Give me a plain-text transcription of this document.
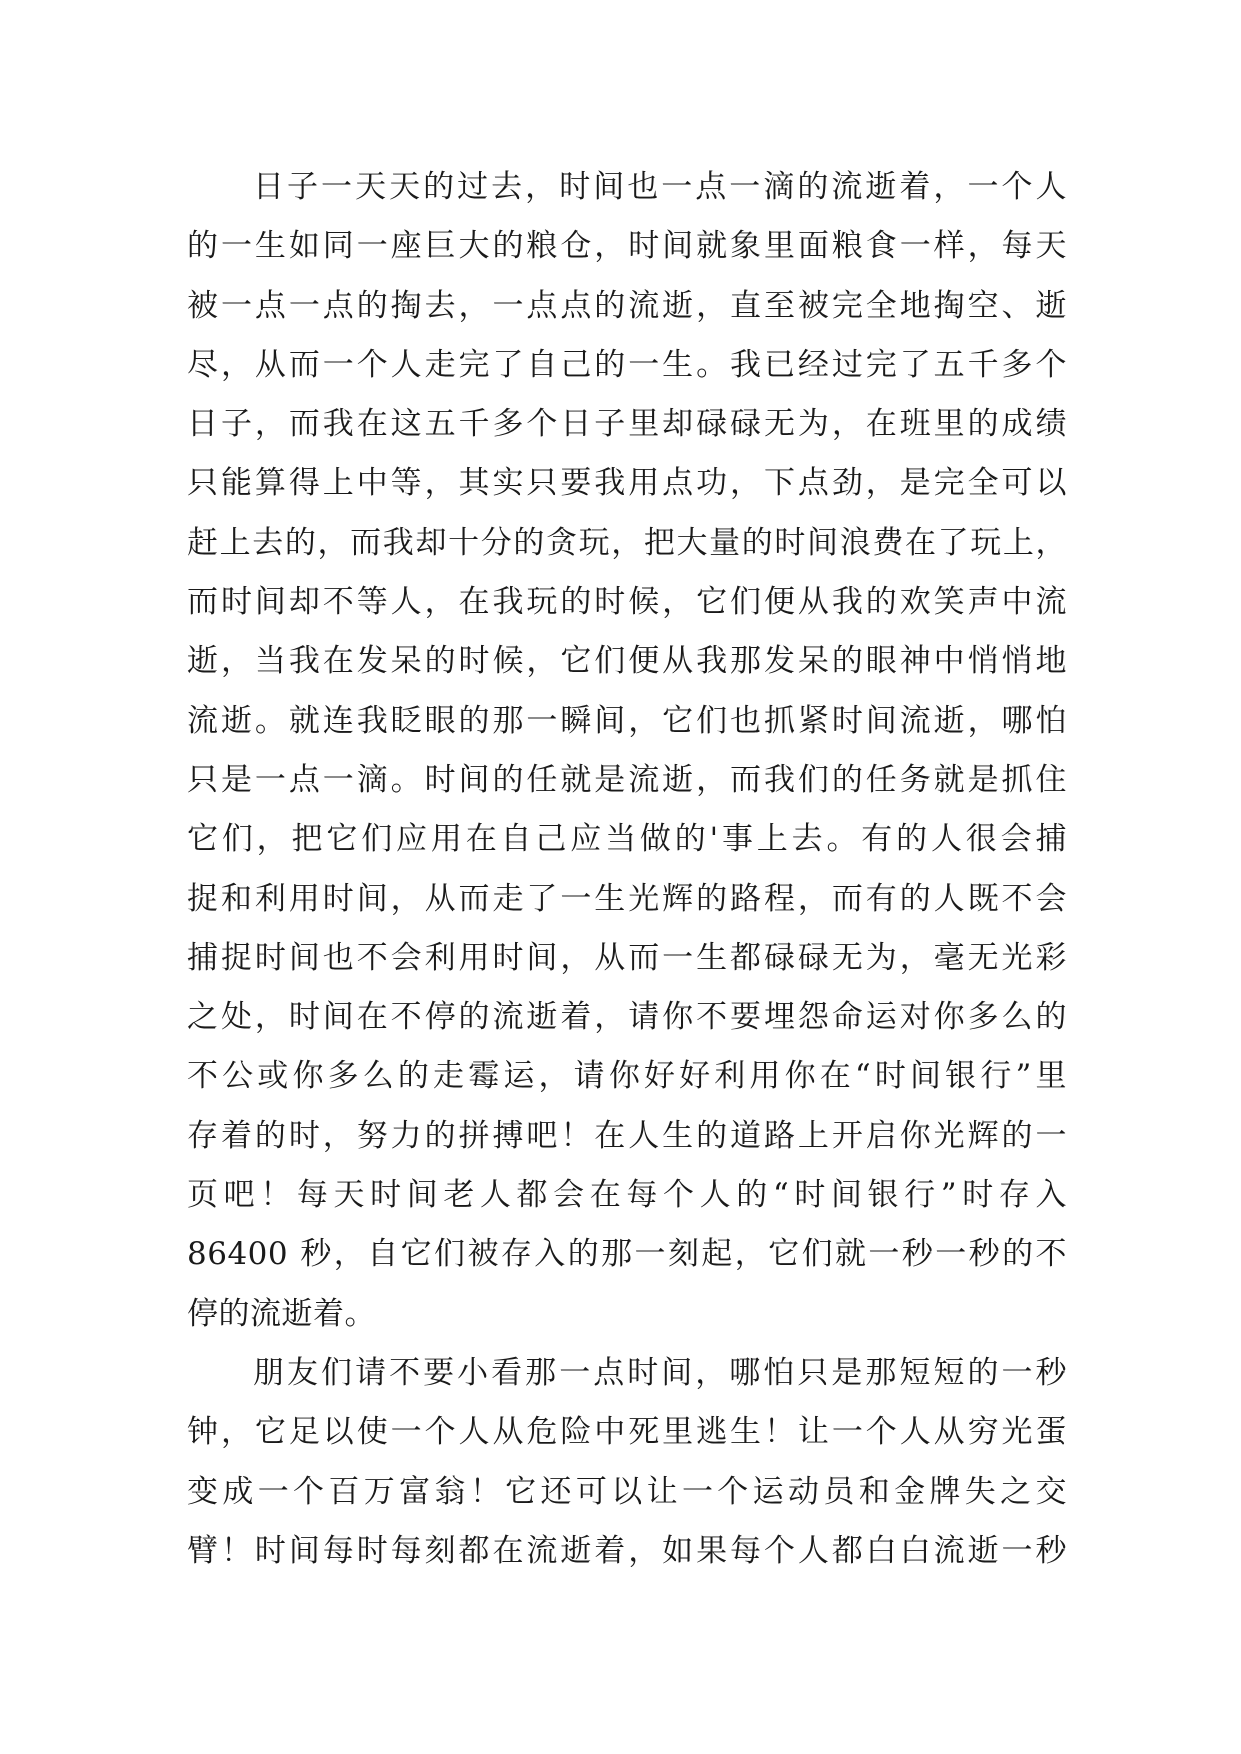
日子一天天的过去，时间也一点一滴的流逝着，一个人
的一生如同一座巨大的粮仓，时间就象里面粮食一样，每天
被一点一点的掏去，一点点的流逝，直至被完全地掏空、逝
尽，从而一个人走完了自己的一生。我已经过完了五千多个
日子，而我在这五千多个日子里却碌碌无为，在班里的成绩
只能算得上中等，其实只要我用点功，下点劲，是完全可以
赶上去的，而我却十分的贪玩，把大量的时间浪费在了玩上，
而时间却不等人，在我玩的时候，它们便从我的欢笑声中流
逝，当我在发呆的时候，它们便从我那发呆的眼神中悄悄地
流逝。就连我眨眼的那一瞬间，它们也抓紧时间流逝，哪怕
只是一点一滴。时间的任就是流逝，而我们的任务就是抓住
它们，把它们应用在自己应当做的'事上去。有的人很会捕
捉和利用时间，从而走了一生光辉的路程，而有的人既不会
捕捉时间也不会利用时间，从而一生都碌碌无为，毫无光彩
之处，时间在不停的流逝着，请你不要埋怨命运对你多么的
不公或你多么的走霉运，请你好好利用你在“时间银行”里
存着的时，努力的拼搏吧！在人生的道路上开启你光辉的一
页吧！每天时间老人都会在每个人的“时间银行”时存入
86400 秒，自它们被存入的那一刻起，它们就一秒一秒的不
停的流逝着。
朋友们请不要小看那一点时间，哪怕只是那短短的一秒
钟，它足以使一个人从危险中死里逃生！让一个人从穷光蛋
变成一个百万富翁！它还可以让一个运动员和金牌失之交
臂！时间每时每刻都在流逝着，如果每个人都白白流逝一秒
